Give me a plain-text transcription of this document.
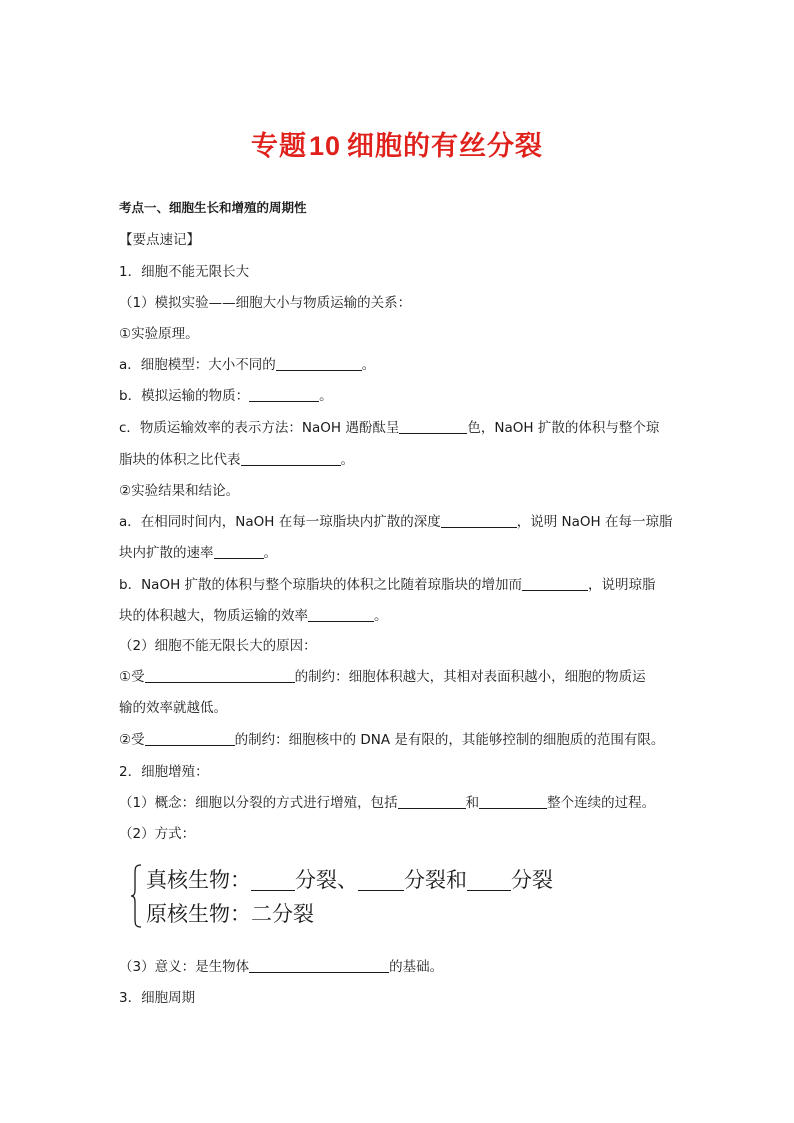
专题10 细胞的有丝分裂
考点一、细胞生长和增殖的周期性
【要点速记】
1．细胞不能无限长大
（1）模拟实验——细胞大小与物质运输的关系：
①实验原理。
a．细胞模型：大小不同的	。
b．模拟运输的物质：	。
c．物质运输效率的表示方法：NaOH 遇酚酞呈	色，NaOH 扩散的体积与整个琼
脂块的体积之比代表	。
②实验结果和结论。
a．在相同时间内，NaOH 在每一琼脂块内扩散的深度	，说明 NaOH 在每一琼脂
块内扩散的速率	。
b．NaOH 扩散的体积与整个琼脂块的体积之比随着琼脂块的增加而	，说明琼脂
块的体积越大，物质运输的效率	。
（2）细胞不能无限长大的原因：
①受	的制约：细胞体积越大，其相对表面积越小，细胞的物质运
输的效率就越低。
②受	的制约：细胞核中的 DNA 是有限的，其能够控制的细胞质的范围有限。
2．细胞增殖：
（1）概念：细胞以分裂的方式进行增殖，包括	和	整个连续的过程。
（2）方式：
真核生物： 分裂、 分裂和 分裂
原核生物：二分裂
（3）意义：是生物体	的基础。
3．细胞周期
